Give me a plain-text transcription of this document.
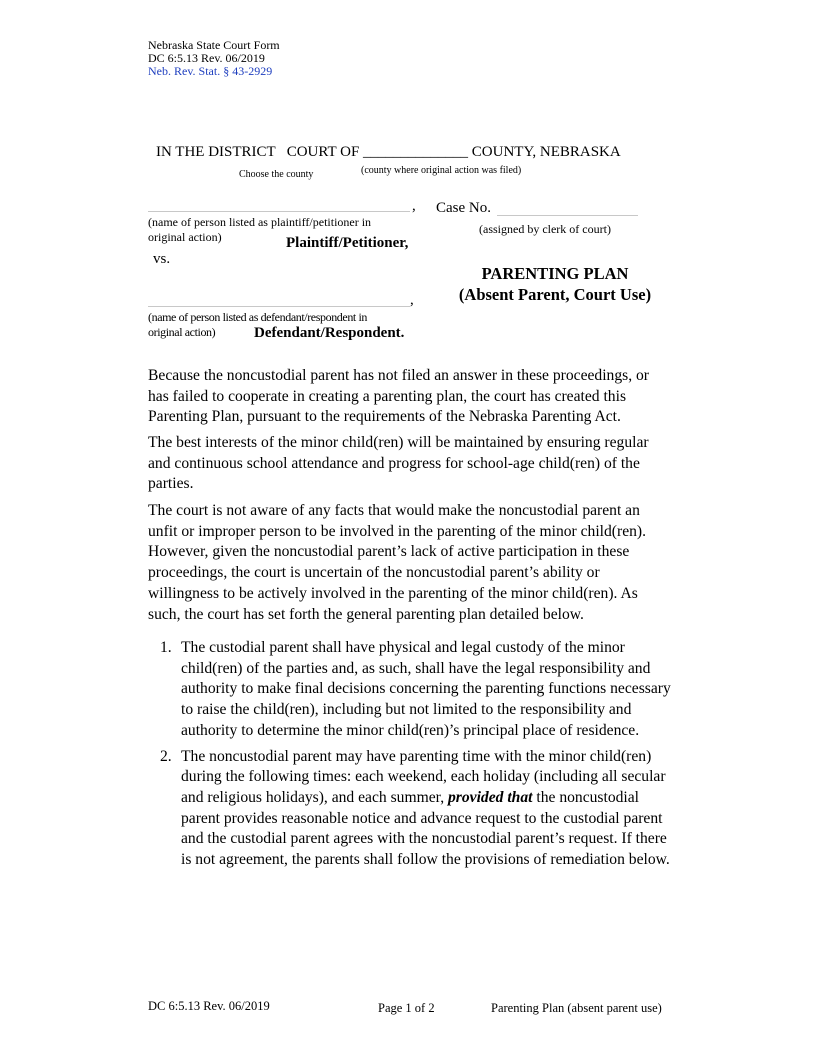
Nebraska State Court Form
DC 6:5.13 Rev. 06/2019
Neb. Rev. Stat. § 43-2929
IN THE DISTRICT   COURT OF ______________ COUNTY, NEBRASKA
Choose the county	(county where original action was filed)
,
(name of person listed as plaintiff/petitioner in
original action)	Plaintiff/Petitioner,
Case No.
(assigned by clerk of court)
vs.
PARENTING PLAN
(Absent Parent, Court Use)
,
(name of person listed as defendant/respondent in
original action)	Defendant/Respondent.
Because the noncustodial parent has not filed an answer in these proceedings, or has failed to cooperate in creating a parenting plan, the court has created this Parenting Plan, pursuant to the requirements of the Nebraska Parenting Act.
The best interests of the minor child(ren) will be maintained by ensuring regular and continuous school attendance and progress for school-age child(ren) of the parties.
The court is not aware of any facts that would make the noncustodial parent an unfit or improper person to be involved in the parenting of the minor child(ren). However, given the noncustodial parent’s lack of active participation in these proceedings, the court is uncertain of the noncustodial parent’s ability or willingness to be actively involved in the parenting of the minor child(ren). As such, the court has set forth the general parenting plan detailed below.
1. The custodial parent shall have physical and legal custody of the minor child(ren) of the parties and, as such, shall have the legal responsibility and authority to make final decisions concerning the parenting functions necessary to raise the child(ren), including but not limited to the responsibility and authority to determine the minor child(ren)’s principal place of residence.
2. The noncustodial parent may have parenting time with the minor child(ren) during the following times: each weekend, each holiday (including all secular and religious holidays), and each summer, provided that the noncustodial parent provides reasonable notice and advance request to the custodial parent and the custodial parent agrees with the noncustodial parent’s request. If there is not agreement, the parents shall follow the provisions of remediation below.
DC 6:5.13 Rev. 06/2019	Page 1 of 2	Parenting Plan (absent parent use)
